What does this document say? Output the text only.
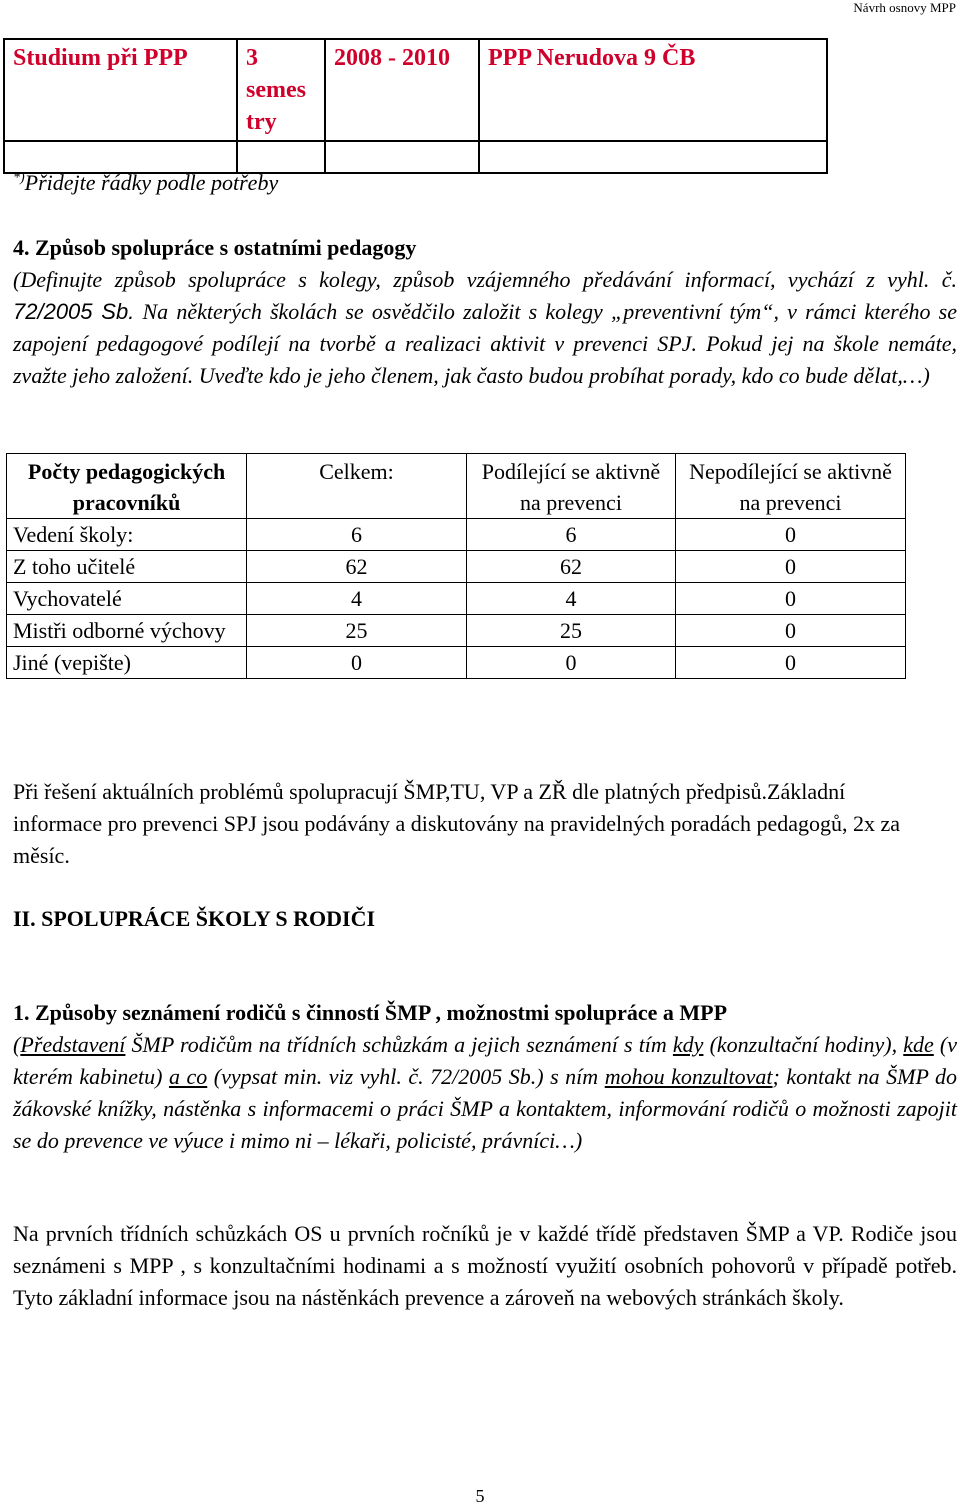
Návrh osnovy MPP
Studium při PPP	3 semes try	2008 - 2010	PPP Nerudova 9 ČB

*)Přidejte řádky podle potřeby
4. Způsob spolupráce s ostatními pedagogy
(Definujte způsob spolupráce s kolegy, způsob vzájemného předávání informací, vychází z vyhl. č. 72/2005 Sb. Na některých školách se osvědčilo založit s kolegy „preventivní tým“, v rámci kterého se zapojení pedagogové podílejí na tvorbě a realizaci aktivit v prevenci SPJ. Pokud jej na škole nemáte, zvažte jeho založení. Uveďte kdo je jeho členem, jak často budou probíhat porady, kdo co bude dělat,…)
Počty pedagogických pracovníků	Celkem:	Podílející se aktivně na prevenci	Nepodílející se aktivně na prevenci
Vedení školy:	6	6	0
Z toho učitelé	62	62	0
Vychovatelé	4	4	0
Mistři odborné výchovy	25	25	0
Jiné (vepište)	0	0	0
Při řešení aktuálních problémů spolupracují ŠMP,TU, VP a ZŘ dle platných předpisů.Základní informace pro prevenci SPJ jsou podávány a diskutovány na pravidelných poradách pedagogů, 2x za měsíc.
II. SPOLUPRÁCE ŠKOLY S RODIČI
1. Způsoby seznámení rodičů s činností ŠMP , možnostmi spolupráce a MPP
(Představení ŠMP rodičům na třídních schůzkám a jejich seznámení s tím kdy (konzultační hodiny), kde (v kterém kabinetu) a co (vypsat min. viz vyhl. č. 72/2005 Sb.) s ním mohou konzultovat; kontakt na ŠMP do žákovské knížky, nástěnka s informacemi o práci ŠMP a kontaktem, informování rodičů o možnosti zapojit se do prevence ve výuce i mimo ni – lékaři, policisté, právníci…)
Na prvních třídních schůzkách OS u prvních ročníků je v každé třídě představen ŠMP a VP. Rodiče jsou seznámeni s MPP , s konzultačními hodinami a s možností využití osobních pohovorů v případě potřeb. Tyto základní informace jsou na nástěnkách prevence a zároveň na webových stránkách školy.
5
